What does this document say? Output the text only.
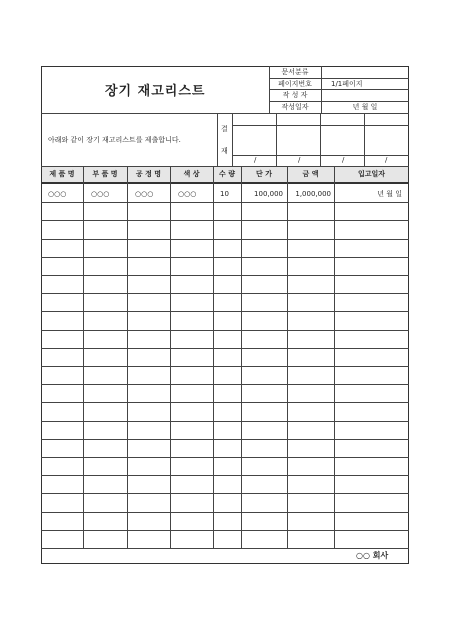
장기 재고리스트
문서분류
페이지번호	1/1페이지
작 성 자
작성일자	년 월 일
아래와 같이 장기 재고리스트를 제출합니다.
결
재
/	/	/	/
제 품 명	부 품 명	공 정 명	색 상	수 량	단 가	금 액	입고일자
○○○	○○○	○○○	○○○	10	100,000	1,000,000	년 월 일
○○ 회사
